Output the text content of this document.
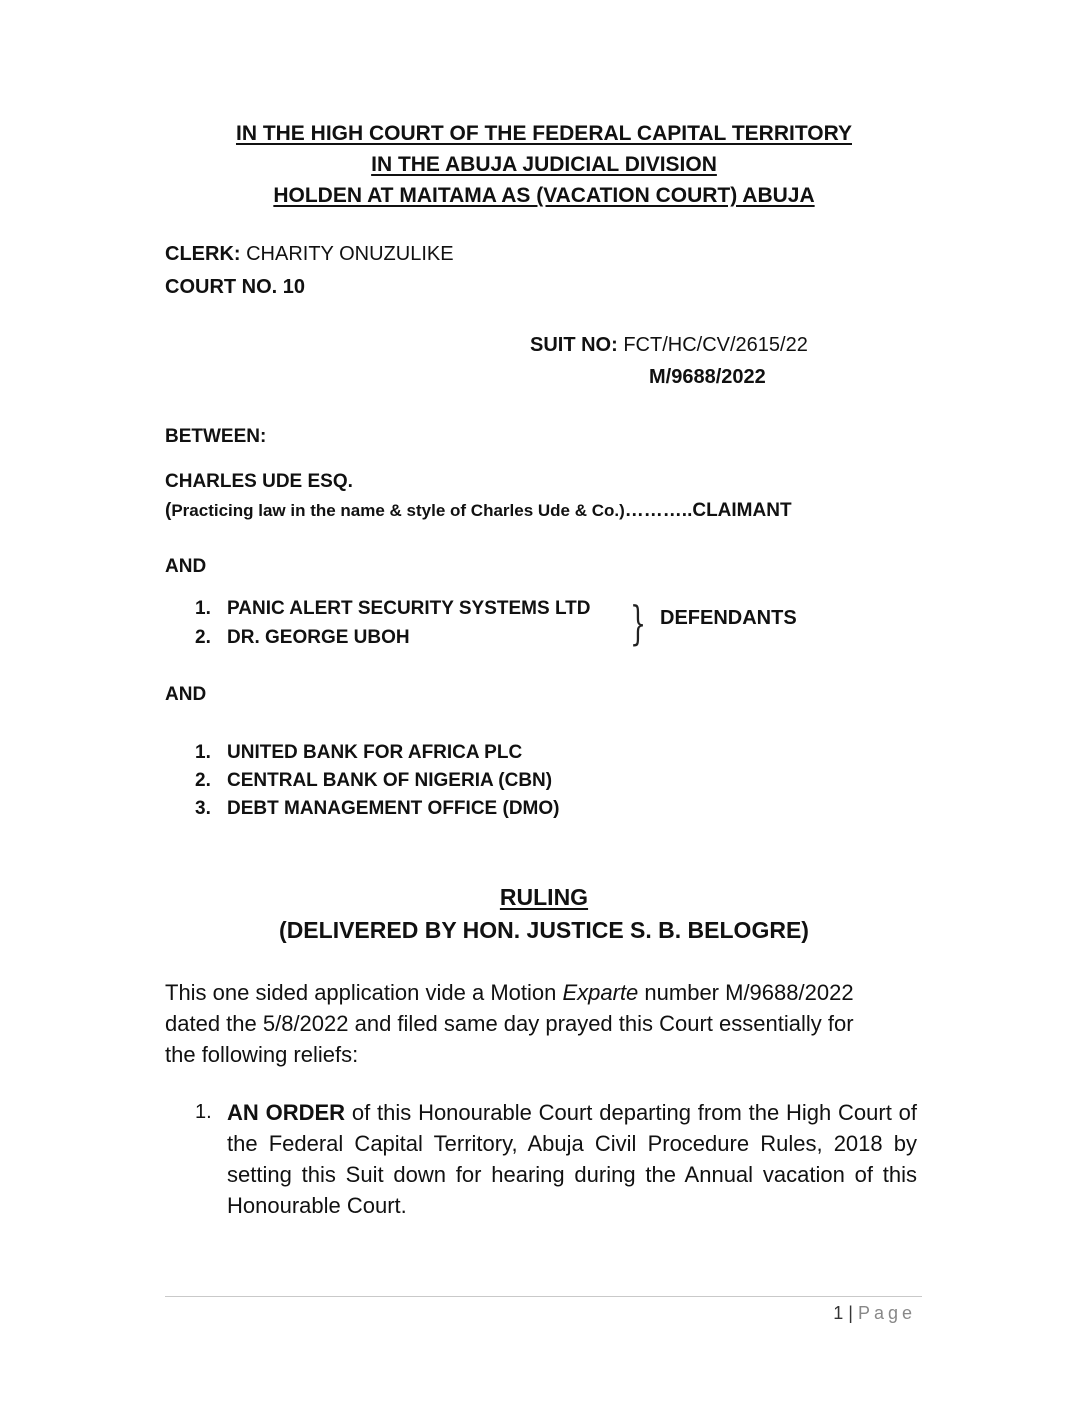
IN THE HIGH COURT OF THE FEDERAL CAPITAL TERRITORY
IN THE ABUJA JUDICIAL DIVISION
HOLDEN AT MAITAMA AS (VACATION COURT) ABUJA
CLERK: CHARITY ONUZULIKE
COURT NO. 10
SUIT NO: FCT/HC/CV/2615/22
M/9688/2022
BETWEEN:
CHARLES UDE ESQ.
(Practicing law in the name & style of Charles Ude & Co.)………..CLAIMANT
AND
1. PANIC ALERT SECURITY SYSTEMS LTD
2. DR. GEORGE UBOH	} DEFENDANTS
AND
1. UNITED BANK FOR AFRICA PLC
2. CENTRAL BANK OF NIGERIA (CBN)
3. DEBT MANAGEMENT OFFICE (DMO)
RULING
(DELIVERED BY HON. JUSTICE S. B. BELOGRE)
This one sided application vide a Motion Exparte number M/9688/2022
dated the 5/8/2022 and filed same day prayed this Court essentially for
the following reliefs:
1. AN ORDER of this Honourable Court departing from the High Court of the Federal Capital Territory, Abuja Civil Procedure Rules, 2018 by setting this Suit down for hearing during the Annual vacation of this Honourable Court.
1 | Page
